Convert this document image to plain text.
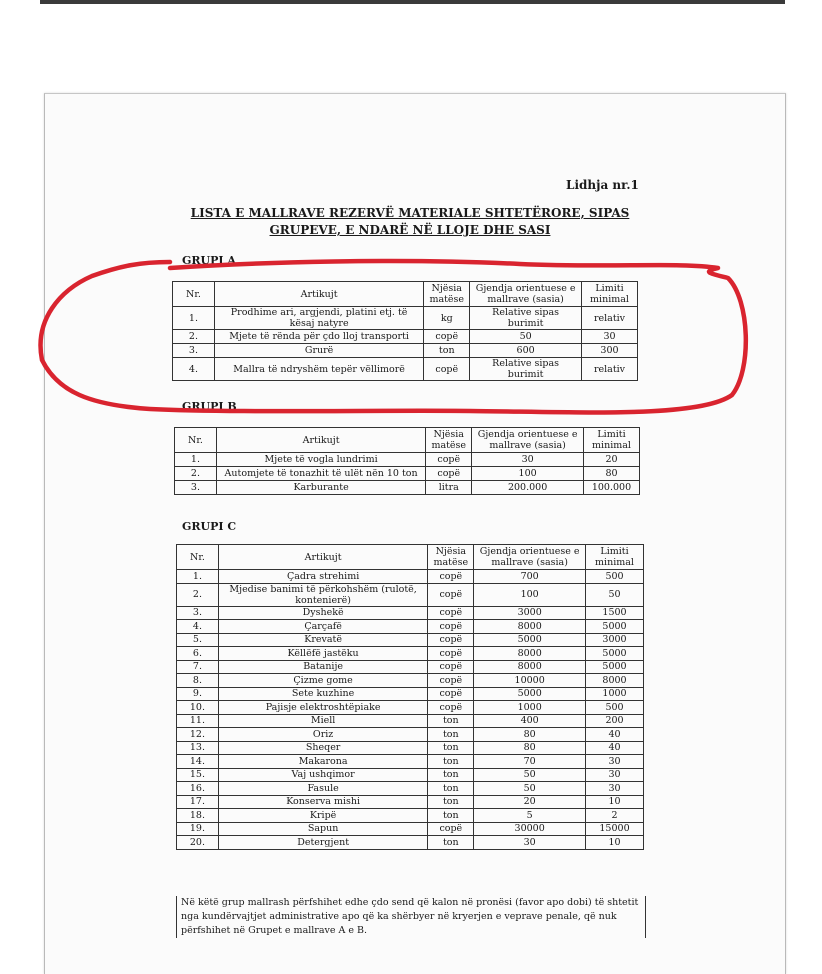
Lidhja nr.1
LISTA E MALLRAVE REZERVË MATERIALE SHTETËRORE, SIPAS
GRUPEVE, E NDARË NË LLOJE DHE SASI
GRUPI A
Nr.	Artikujt	Njësia matëse	Gjendja orientuese e mallrave (sasia)	Limiti minimal
1.	Prodhime ari, argjendi, platini etj. të kësaj natyre	kg	Relative sipas burimit	relativ
2.	Mjete të rënda për çdo lloj transporti	copë	50	30
3.	Grurë	ton	600	300
4.	Mallra të ndryshëm tepër vëllimorë	copë	Relative sipas burimit	relativ
GRUPI B
Nr.	Artikujt	Njësia matëse	Gjendja orientuese e mallrave (sasia)	Limiti minimal
1.	Mjete të vogla lundrimi	copë	30	20
2.	Automjete të tonazhit të ulët nën 10 ton	copë	100	80
3.	Karburante	litra	200.000	100.000
GRUPI C
Nr.	Artikujt	Njësia matëse	Gjendja orientuese e mallrave (sasia)	Limiti minimal
1.	Çadra strehimi	copë	700	500
2.	Mjedise banimi të përkohshëm (rulotë, kontenierë)	copë	100	50
3.	Dyshekë	copë	3000	1500
4.	Çarçafë	copë	8000	5000
5.	Krevatë	copë	5000	3000
6.	Këllëfë jastëku	copë	8000	5000
7.	Batanije	copë	8000	5000
8.	Çizme gome	copë	10000	8000
9.	Sete kuzhine	copë	5000	1000
10.	Pajisje elektroshtëpiake	copë	1000	500
11.	Miell	ton	400	200
12.	Oriz	ton	80	40
13.	Sheqer	ton	80	40
14.	Makarona	ton	70	30
15.	Vaj ushqimor	ton	50	30
16.	Fasule	ton	50	30
17.	Konserva mishi	ton	20	10
18.	Kripë	ton	5	2
19.	Sapun	copë	30000	15000
20.	Detergjent	ton	30	10
Në këtë grup mallrash përfshihet edhe çdo send që kalon në pronësi (favor apo dobi) të shtetit nga kundërvajtjet administrative apo që ka shërbyer në kryerjen e veprave penale, që nuk përfshihet në Grupet e mallrave A e B.
